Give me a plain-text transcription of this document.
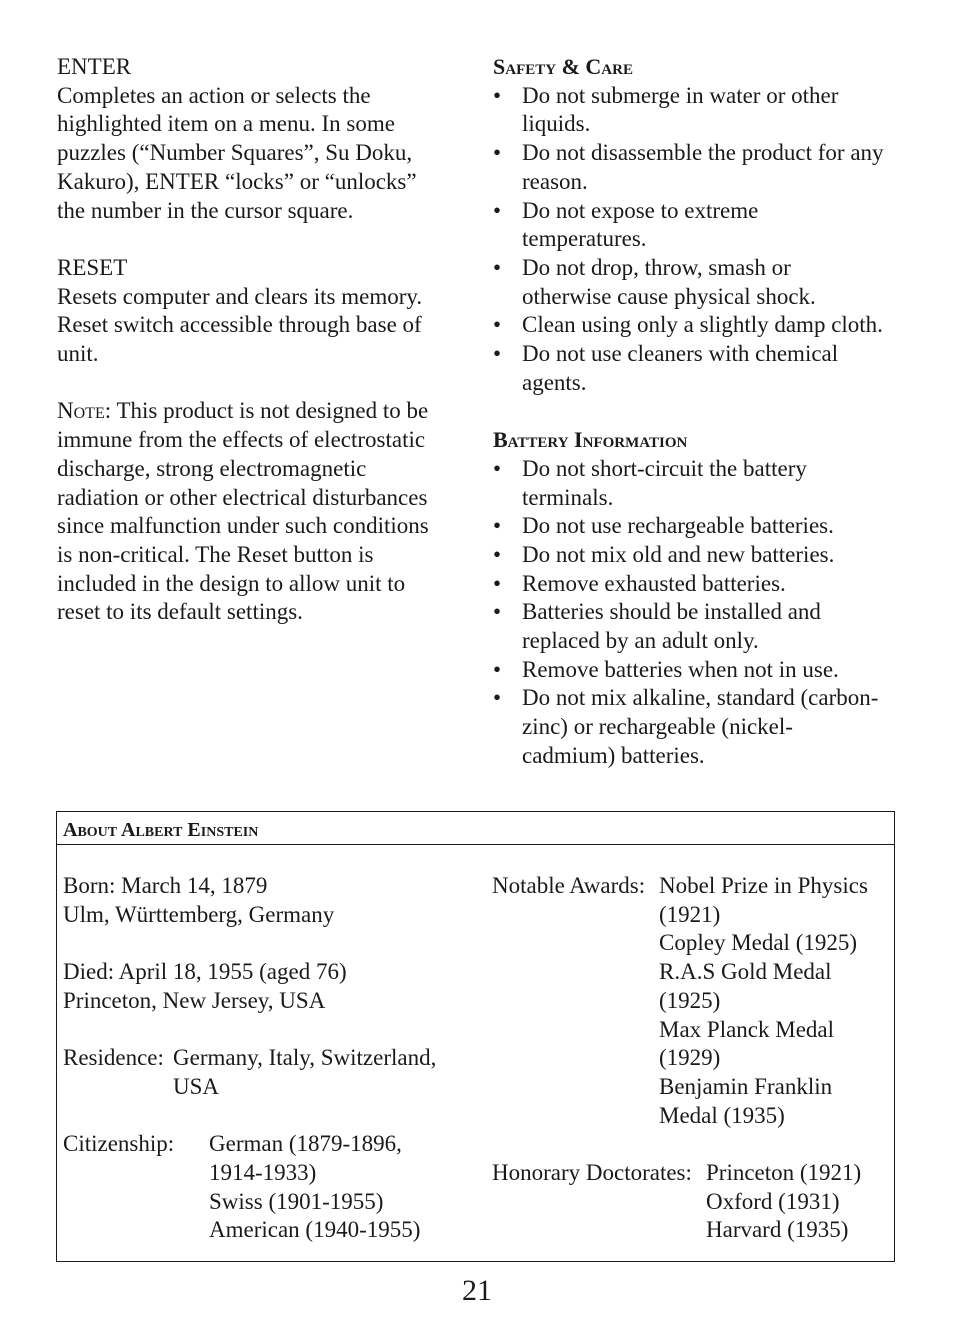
ENTER

Completes an action or selects the

highlighted item on a menu. In some

puzzles (“Number Squares”, Su Doku,

Kakuro), ENTER “locks” or “unlocks”

the number in the cursor square.

RESET

Resets computer and clears its memory.

Reset switch accessible through base of

unit.

Note: This product is not designed to be

immune from the effects of electrostatic

discharge, strong electromagnetic

radiation or other electrical disturbances

since malfunction under such conditions

is non-critical. The Reset button is

included in the design to allow unit to

reset to its default settings.

Safety & Care

• Do not submerge in water or other
liquids.
• Do not disassemble the product for any
reason.
• Do not expose to extreme
temperatures.
• Do not drop, throw, smash or
otherwise cause physical shock.
• Clean using only a slightly damp cloth.
• Do not use cleaners with chemical
agents.

Battery Information

• Do not short-circuit the battery
terminals.
• Do not use rechargeable batteries.
• Do not mix old and new batteries.
• Remove exhausted batteries.
• Batteries should be installed and
replaced by an adult only.
• Remove batteries when not in use.
• Do not mix alkaline, standard (carbon-
zinc) or rechargeable (nickel-
cadmium) batteries.
About Albert Einstein

Born: March 14, 1879

Ulm, Württemberg, Germany

Died: April 18, 1955 (aged 76)

Princeton, New Jersey, USA

Residence: Germany, Italy, Switzerland,
USA
Citizenship:	German (1879-1896,
1914-1933)
Swiss (1901-1955)
American (1940-1955)
Notable Awards: Nobel Prize in Physics
(1921)
Copley Medal (1925)
R.A.S Gold Medal
(1925)
Max Planck Medal
(1929)
Benjamin Franklin
Medal (1935)
Honorary Doctorates: Princeton (1921)
Oxford (1931)
Harvard (1935)
21
